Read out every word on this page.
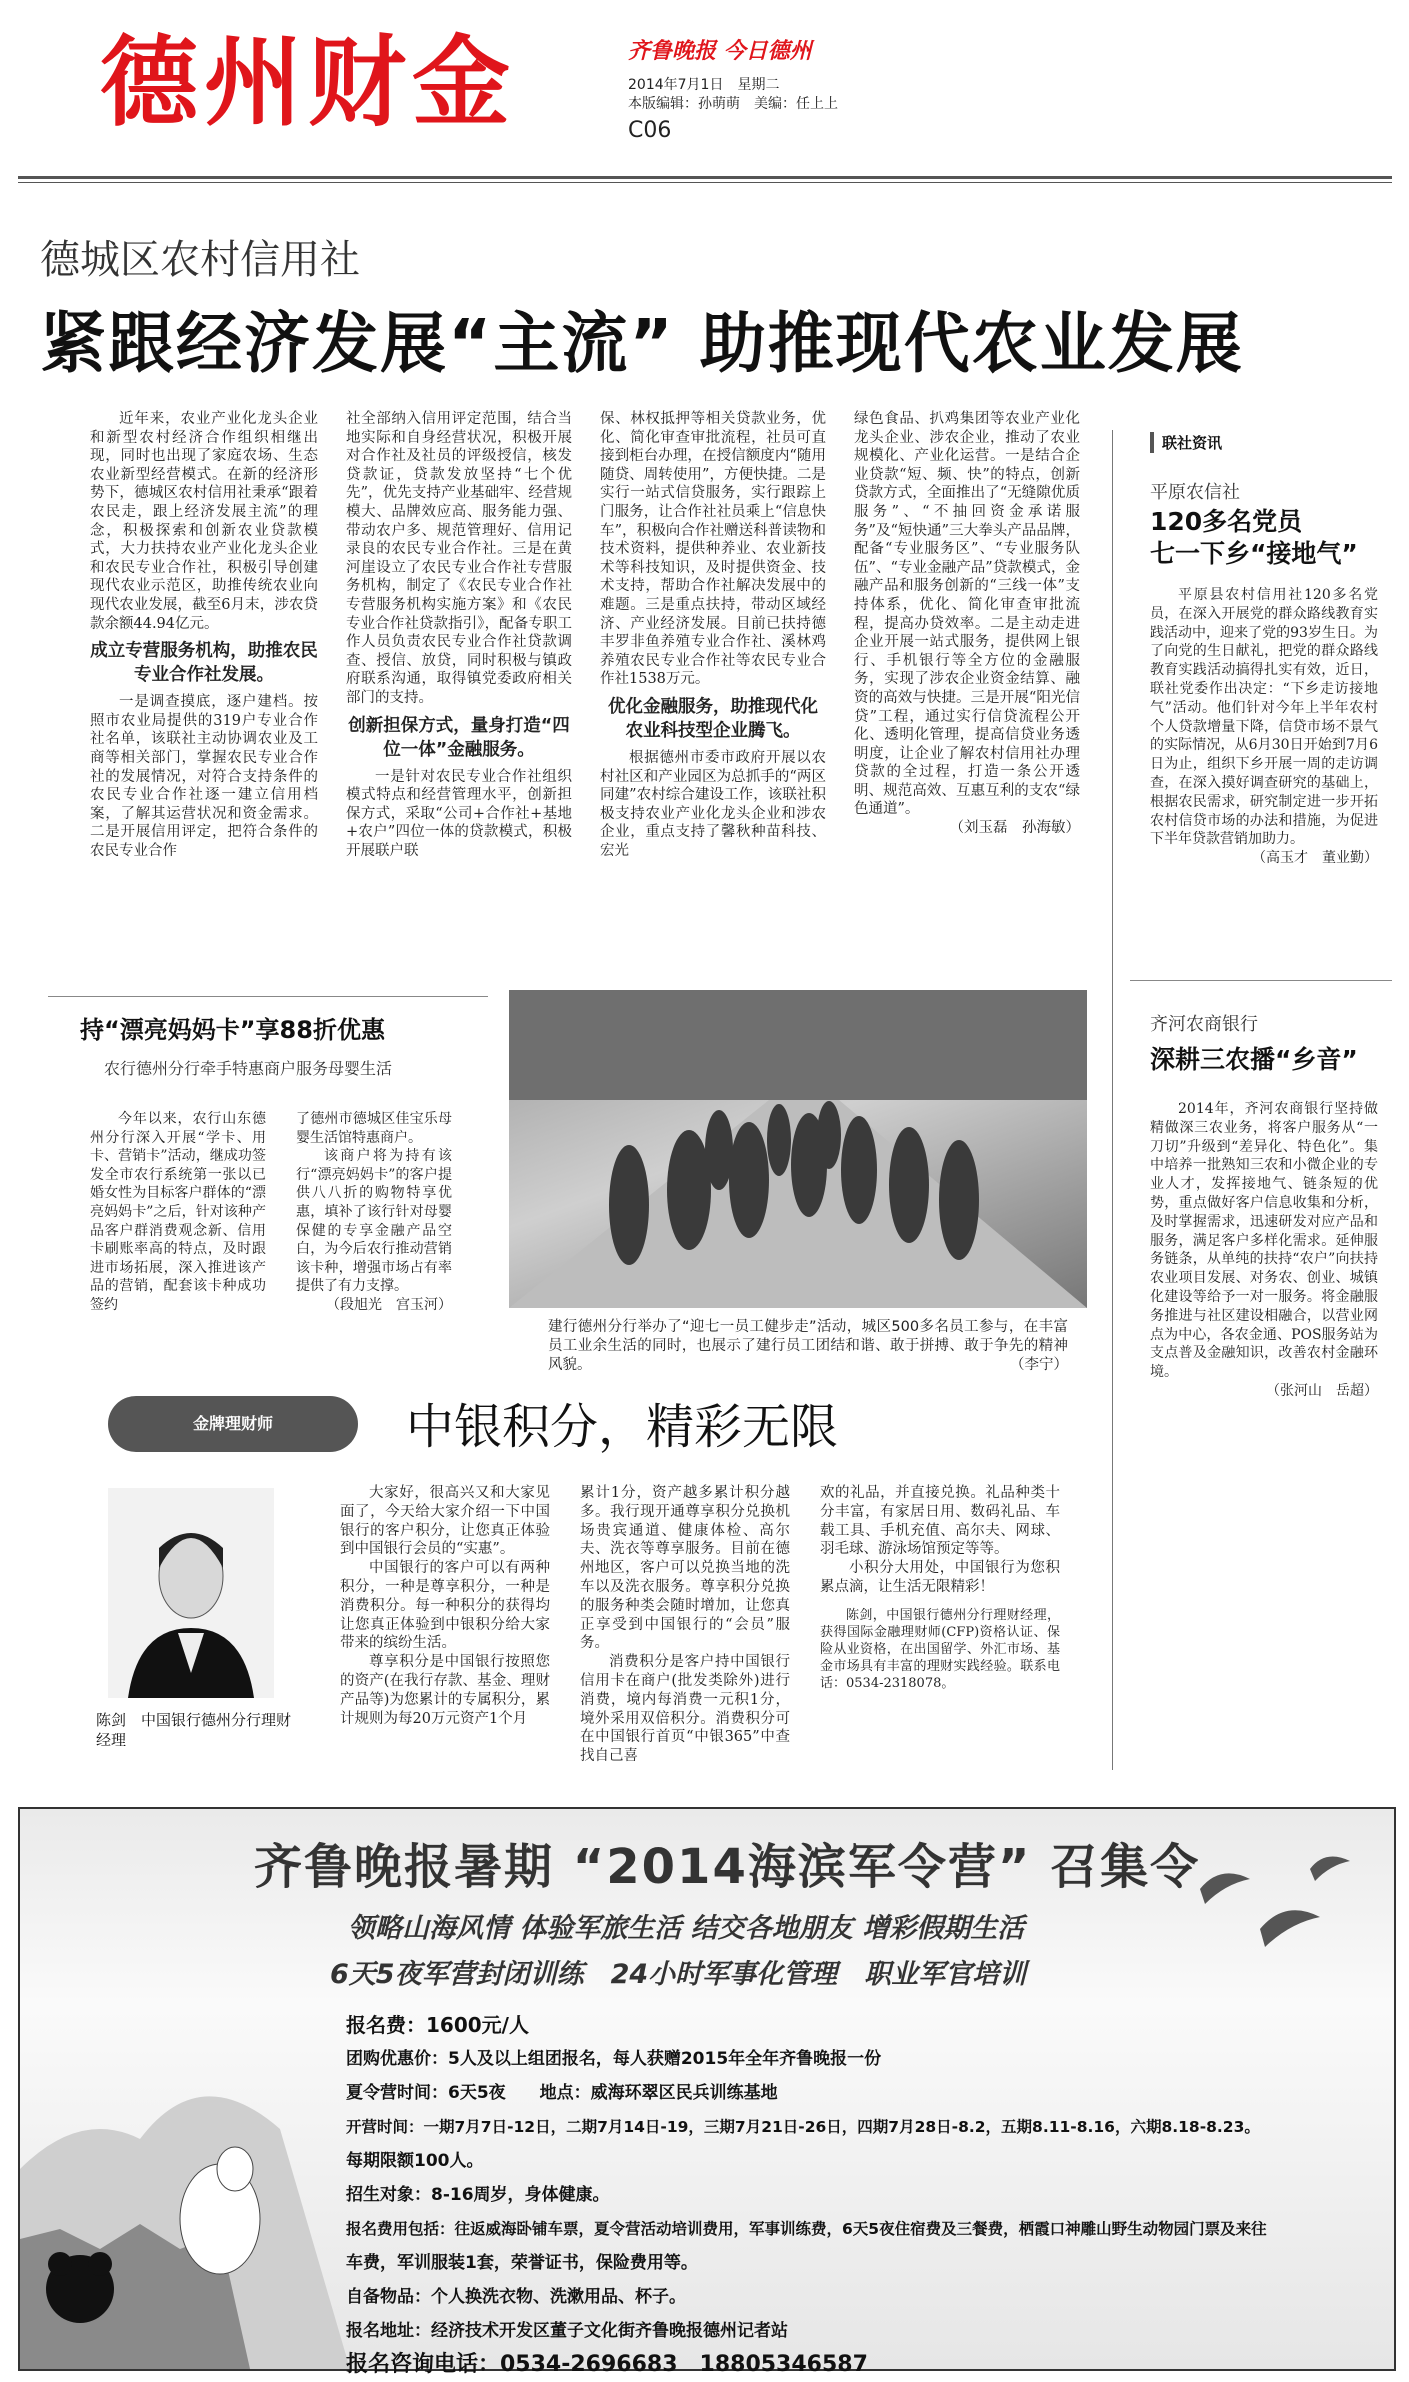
德州财金	齐鲁晚报 今日德州
2014年7月1日　星期二
本版编辑：孙萌萌　美编：任上上
C06
德城区农村信用社
紧跟经济发展“主流” 助推现代农业发展

近年来，农业产业化龙头企业和新型农村经济合作组织相继出现，同时也出现了家庭农场、生态农业新型经营模式。在新的经济形势下，德城区农村信用社秉承“跟着农民走，跟上经济发展主流”的理念，积极探索和创新农业贷款模式，大力扶持农业产业化龙头企业和农民专业合作社，积极引导创建现代农业示范区，助推传统农业向现代农业发展，截至6月末，涉农贷款余额44.94亿元。

成立专营服务机构，助推农民专业合作社发展。

一是调查摸底，逐户建档。按照市农业局提供的319户专业合作社名单，该联社主动协调农业及工商等相关部门，掌握农民专业合作社的发展情况，对符合支持条件的农民专业合作社逐一建立信用档案，了解其运营状况和资金需求。二是开展信用评定，把符合条件的农民专业合作

社全部纳入信用评定范围，结合当地实际和自身经营状况，积极开展对合作社及社员的评级授信，核发贷款证，贷款发放坚持“七个优先”，优先支持产业基础牢、经营规模大、品牌效应高、服务能力强、带动农户多、规范管理好、信用记录良的农民专业合作社。三是在黄河崖设立了农民专业合作社专营服务机构，制定了《农民专业合作社专营服务机构实施方案》和《农民专业合作社贷款指引》，配备专职工作人员负责农民专业合作社贷款调查、授信、放贷，同时积极与镇政府联系沟通，取得镇党委政府相关部门的支持。

创新担保方式，量身打造“四位一体”金融服务。

一是针对农民专业合作社组织模式特点和经营管理水平，创新担保方式，采取“公司+合作社+基地+农户”四位一体的贷款模式，积极开展联户联

保、林权抵押等相关贷款业务，优化、简化审查审批流程，社员可直接到柜台办理，在授信额度内“随用随贷、周转使用”，方便快捷。二是实行一站式信贷服务，实行跟踪上门服务，让合作社社员乘上“信息快车”，积极向合作社赠送科普读物和技术资料，提供种养业、农业新技术等科技知识，及时提供资金、技术支持，帮助合作社解决发展中的难题。三是重点扶持，带动区域经济、产业经济发展。目前已扶持德丰罗非鱼养殖专业合作社、溪林鸡养殖农民专业合作社等农民专业合作社1538万元。

优化金融服务，助推现代化农业科技型企业腾飞。

根据德州市委市政府开展以农村社区和产业园区为总抓手的“两区同建”农村综合建设工作，该联社积极支持农业产业化龙头企业和涉农企业，重点支持了馨秋种苗科技、宏光

绿色食品、扒鸡集团等农业产业化龙头企业、涉农企业，推动了农业规模化、产业化运营。一是结合企业贷款“短、频、快”的特点，创新贷款方式，全面推出了“无缝隙优质服务”、“不抽回资金承诺服务”及“短快通”三大拳头产品品牌，配备“专业服务区”、“专业服务队伍”、“专业金融产品”贷款模式，金融产品和服务创新的“三线一体”支持体系，优化、简化审查审批流程，提高办贷效率。二是主动走进企业开展一站式服务，提供网上银行、手机银行等全方位的金融服务，实现了涉农企业资金结算、融资的高效与快捷。三是开展“阳光信贷”工程，通过实行信贷流程公开化、透明化管理，提高信贷业务透明度，让企业了解农村信用社办理贷款的全过程，打造一条公开透明、规范高效、互惠互利的支农“绿色通道”。

（刘玉磊　孙海敏）
联社资讯
平原农信社
120多名党员
七一下乡“接地气”

平原县农村信用社120多名党员，在深入开展党的群众路线教育实践活动中，迎来了党的93岁生日。为了向党的生日献礼，把党的群众路线教育实践活动搞得扎实有效，近日，联社党委作出决定：“下乡走访接地气”活动。他们针对今年上半年农村个人贷款增量下降，信贷市场不景气的实际情况，从6月30日开始到7月6日为止，组织下乡开展一周的走访调查，在深入摸好调查研究的基础上，根据农民需求，研究制定进一步开拓农村信贷市场的办法和措施，为促进下半年贷款营销加助力。

（高玉才　董业勤）
齐河农商银行
深耕三农播“乡音”

2014年，齐河农商银行坚持做精做深三农业务，将客户服务从“一刀切”升级到“差异化、特色化”。集中培养一批熟知三农和小微企业的专业人才，发挥接地气、链条短的优势，重点做好客户信息收集和分析，及时掌握需求，迅速研发对应产品和服务，满足客户多样化需求。延伸服务链条，从单纯的扶持“农户”向扶持农业项目发展、对务农、创业、城镇化建设等给予一对一服务。将金融服务推进与社区建设相融合，以营业网点为中心，各农金通、POS服务站为支点普及金融知识，改善农村金融环境。

（张河山　岳超）
持“漂亮妈妈卡”享88折优惠
农行德州分行牵手特惠商户服务母婴生活

今年以来，农行山东德州分行深入开展“学卡、用卡、营销卡”活动，继成功签发全市农行系统第一张以已婚女性为目标客户群体的“漂亮妈妈卡”之后，针对该种产品客户群消费观念新、信用卡刷账率高的特点，及时跟进市场拓展，深入推进该产品的营销，配套该卡种成功签约

了德州市德城区佳宝乐母婴生活馆特惠商户。

该商户将为持有该行“漂亮妈妈卡”的客户提供八八折的购物特享优惠，填补了该行针对母婴保健的专享金融产品空白，为今后农行推动营销该卡种，增强市场占有率提供了有力支撑。

（段旭光　宫玉河）
建行德州分行举办了“迎七一员工健步走”活动，城区500多名员工参与，在丰富员工业余生活的同时，也展示了建行员工团结和谐、敢于拼搏、敢于争先的精神风貌。	（李宁）
金牌理财师	中银积分，精彩无限
陈剑　中国银行德州分行理财经理

大家好，很高兴又和大家见面了，今天给大家介绍一下中国银行的客户积分，让您真正体验到中国银行会员的“实惠”。

中国银行的客户可以有两种积分，一种是尊享积分，一种是消费积分。每一种积分的获得均让您真正体验到中银积分给大家带来的缤纷生活。

尊享积分是中国银行按照您的资产(在我行存款、基金、理财产品等)为您累计的专属积分，累计规则为每20万元资产1个月

累计1分，资产越多累计积分越多。我行现开通尊享积分兑换机场贵宾通道、健康体检、高尔夫、洗衣等尊享服务。目前在德州地区，客户可以兑换当地的洗车以及洗衣服务。尊享积分兑换的服务种类会随时增加，让您真正享受到中国银行的“会员”服务。

消费积分是客户持中国银行信用卡在商户(批发类除外)进行消费，境内每消费一元积1分，境外采用双倍积分。消费积分可在中国银行首页“中银365”中查找自己喜

欢的礼品，并直接兑换。礼品种类十分丰富，有家居日用、数码礼品、车载工具、手机充值、高尔夫、网球、羽毛球、游泳场馆预定等等。

小积分大用处，中国银行为您积累点滴，让生活无限精彩！

陈剑，中国银行德州分行理财经理，获得国际金融理财师(CFP)资格认证、保险从业资格，在出国留学、外汇市场、基金市场具有丰富的理财实践经验。联系电话：0534-2318078。

齐鲁晚报暑期 “2014海滨军令营” 召集令
领略山海风情 体验军旅生活 结交各地朋友 增彩假期生活
6天5夜军营封闭训练　24小时军事化管理　职业军官培训
报名费：1600元/人
团购优惠价：5人及以上组团报名，每人获赠2015年全年齐鲁晚报一份
夏令营时间：6天5夜　　地点：威海环翠区民兵训练基地
开营时间：一期7月7日-12日，二期7月14日-19，三期7月21日-26日，四期7月28日-8.2，五期8.11-8.16，六期8.18-8.23。
每期限额100人。
招生对象：8-16周岁，身体健康。
报名费用包括：往返威海卧铺车票，夏令营活动培训费用，军事训练费，6天5夜住宿费及三餐费，栖霞口神雕山野生动物园门票及来往
车费，军训服装1套，荣誉证书，保险费用等。
自备物品：个人换洗衣物、洗漱用品、杯子。
报名地址：经济技术开发区董子文化街齐鲁晚报德州记者站
报名咨询电话：0534-2696683　18805346587
